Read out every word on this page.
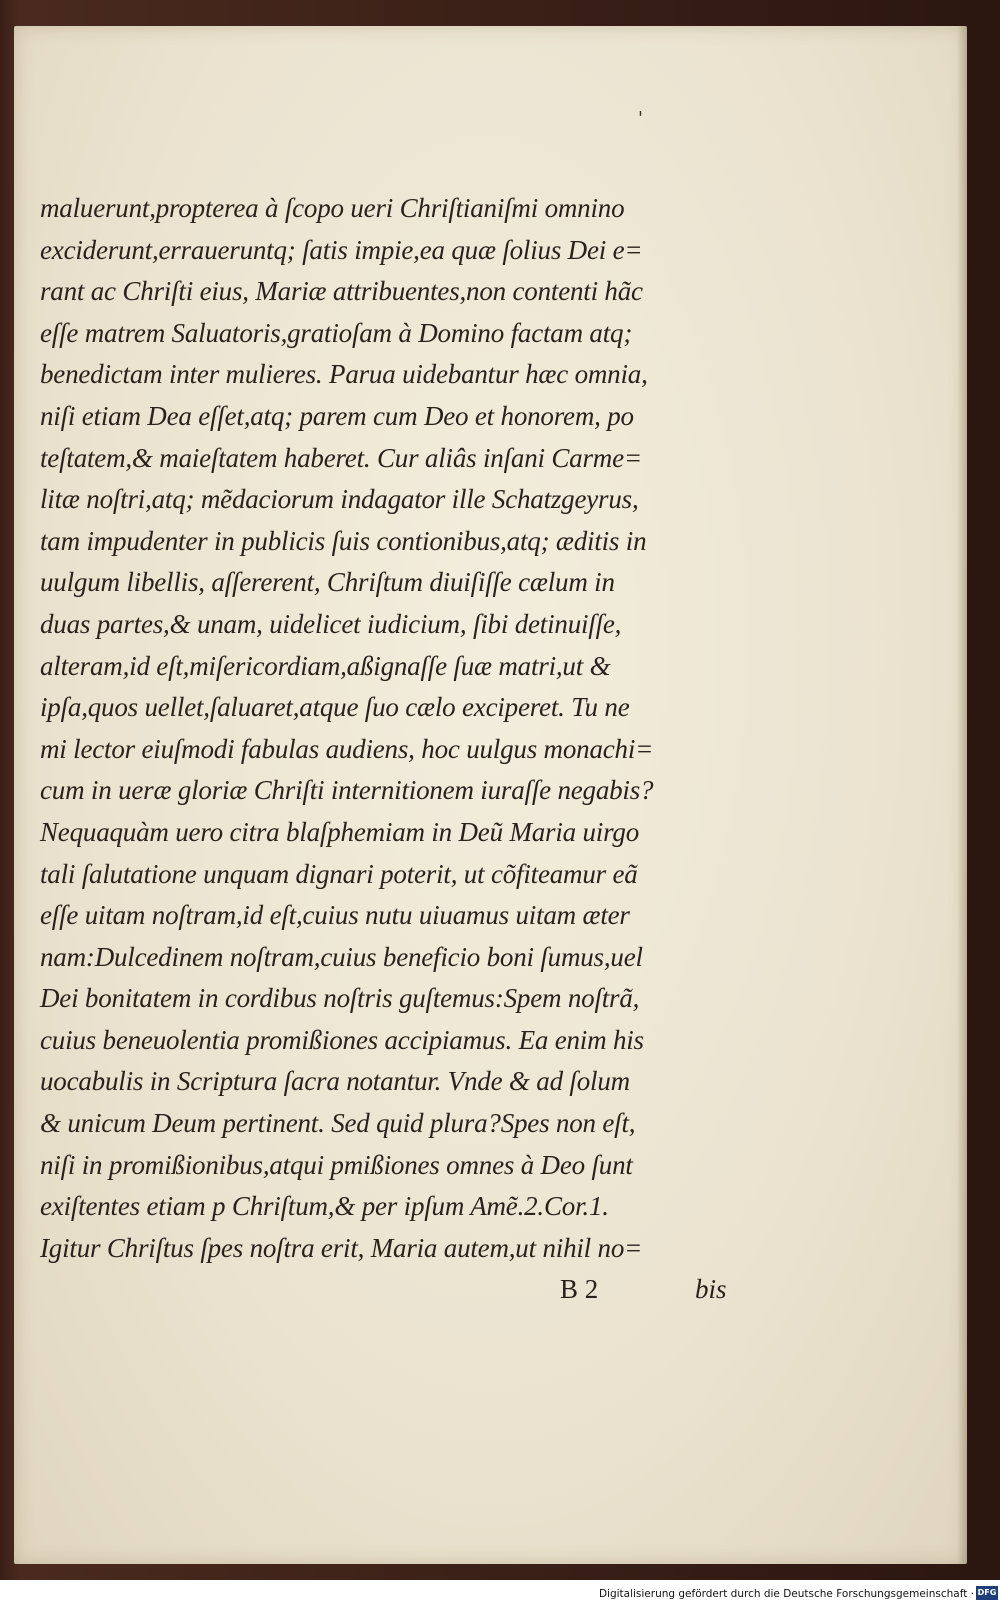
'
maluerunt,propterea à ſcopo ueri Chriſtianiſmi omnino
exciderunt,erraueruntq; ſatis impie,ea quæ ſolius Dei e=
rant ac Chriſti eius, Mariæ attribuentes,non contenti hãc
eſſe matrem Saluatoris,gratioſam à Domino factam atq;
benedictam inter mulieres. Parua uidebantur hæc omnia,
niſi etiam Dea eſſet,atq; parem cum Deo et honorem, po
teſtatem,& maieſtatem haberet. Cur aliâs inſani Carme=
litæ noſtri,atq; mẽdaciorum indagator ille Schatzgeyrus,
tam impudenter in publicis ſuis contionibus,atq; æditis in
uulgum libellis, aſſererent, Chriſtum diuiſiſſe cælum in
duas partes,& unam, uidelicet iudicium, ſibi detinuiſſe,
alteram,id eſt,miſericordiam,aßignaſſe ſuæ matri,ut &
ipſa,quos uellet,ſaluaret,atque ſuo cælo exciperet. Tu ne
mi lector eiuſmodi fabulas audiens, hoc uulgus monachi=
cum in ueræ gloriæ Chriſti internitionem iuraſſe negabis?
Nequaquàm uero citra blaſphemiam in Deũ Maria uirgo
tali ſalutatione unquam dignari poterit, ut cõfiteamur eã
eſſe uitam noſtram,id eſt,cuius nutu uiuamus uitam æter
nam:Dulcedinem noſtram,cuius beneficio boni ſumus,uel
Dei bonitatem in cordibus noſtris guſtemus:Spem noſtrã,
cuius beneuolentia promißiones accipiamus. Ea enim his
uocabulis in Scriptura ſacra notantur. Vnde & ad ſolum
& unicum Deum pertinent. Sed quid plura?Spes non eſt,
niſi in promißionibus,atqui pmißiones omnes à Deo ſunt
exiſtentes etiam p Chriſtum,& per ipſum Amẽ.2.Cor.1.
Igitur Chriſtus ſpes noſtra erit, Maria autem,ut nihil no=
B 2	bis
Digitalisierung gefördert durch die Deutsche Forschungsgemeinschaft · DFG
